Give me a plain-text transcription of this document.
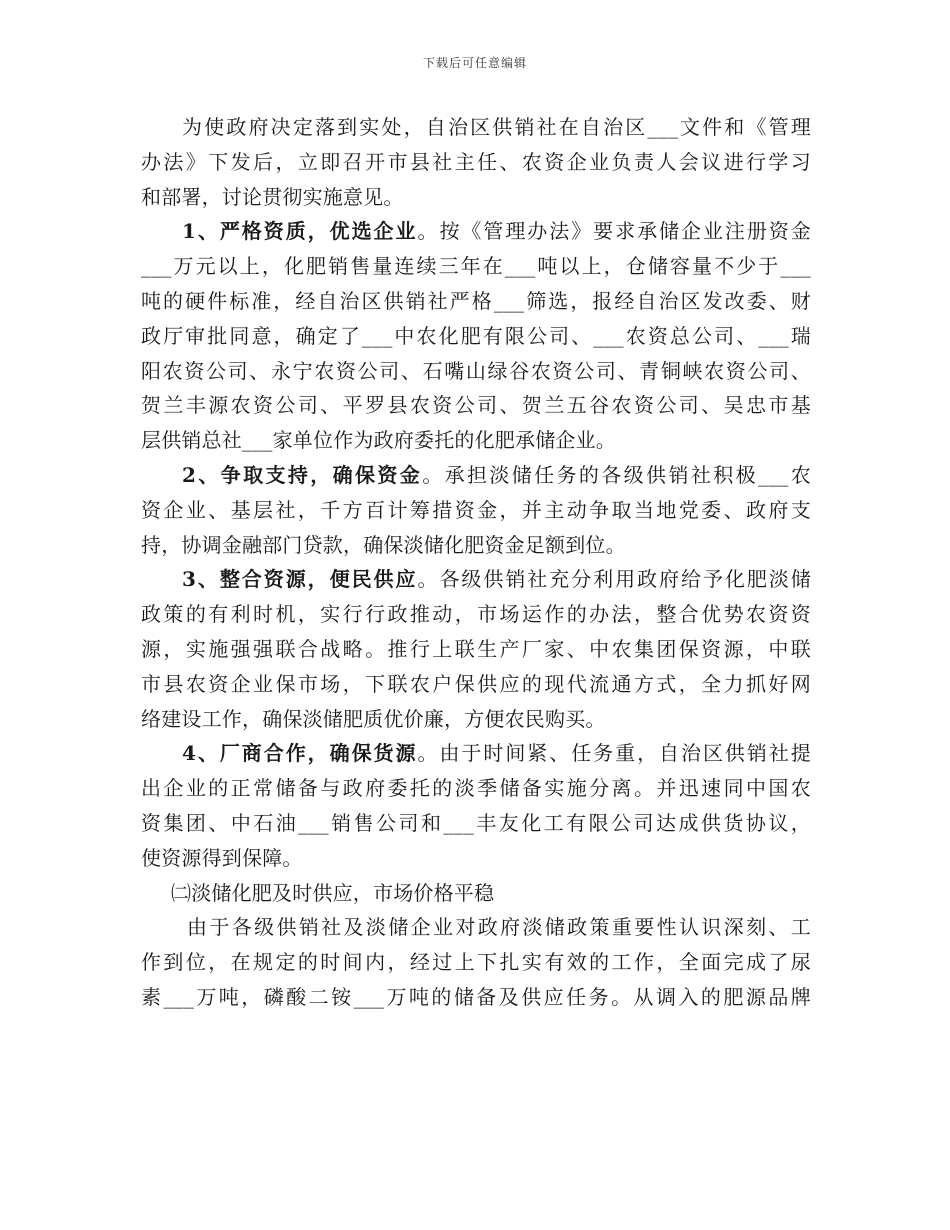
下载后可任意编辑
为使政府决定落到实处，自治区供销社在自治区___文件和《管理
办法》下发后，立即召开市县社主任、农资企业负责人会议进行学习
和部署，讨论贯彻实施意见。
1、严格资质，优选企业。按《管理办法》要求承储企业注册资金
___万元以上，化肥销售量连续三年在___吨以上，仓储容量不少于___
吨的硬件标准，经自治区供销社严格___筛选，报经自治区发改委、财
政厅审批同意，确定了___中农化肥有限公司、___农资总公司、___瑞
阳农资公司、永宁农资公司、石嘴山绿谷农资公司、青铜峡农资公司、
贺兰丰源农资公司、平罗县农资公司、贺兰五谷农资公司、吴忠市基
层供销总社___家单位作为政府委托的化肥承储企业。
2、争取支持，确保资金。承担淡储任务的各级供销社积极___农
资企业、基层社，千方百计筹措资金，并主动争取当地党委、政府支
持，协调金融部门贷款，确保淡储化肥资金足额到位。
3、整合资源，便民供应。各级供销社充分利用政府给予化肥淡储
政策的有利时机，实行行政推动，市场运作的办法，整合优势农资资
源，实施强强联合战略。推行上联生产厂家、中农集团保资源，中联
市县农资企业保市场，下联农户保供应的现代流通方式，全力抓好网
络建设工作，确保淡储肥质优价廉，方便农民购买。
4、厂商合作，确保货源。由于时间紧、任务重，自治区供销社提
出企业的正常储备与政府委托的淡季储备实施分离。并迅速同中国农
资集团、中石油___销售公司和___丰友化工有限公司达成供货协议，
使资源得到保障。
㈡淡储化肥及时供应，市场价格平稳
由于各级供销社及淡储企业对政府淡储政策重要性认识深刻、工
作到位，在规定的时间内，经过上下扎实有效的工作，全面完成了尿
素___万吨，磷酸二铵___万吨的储备及供应任务。从调入的肥源品牌
